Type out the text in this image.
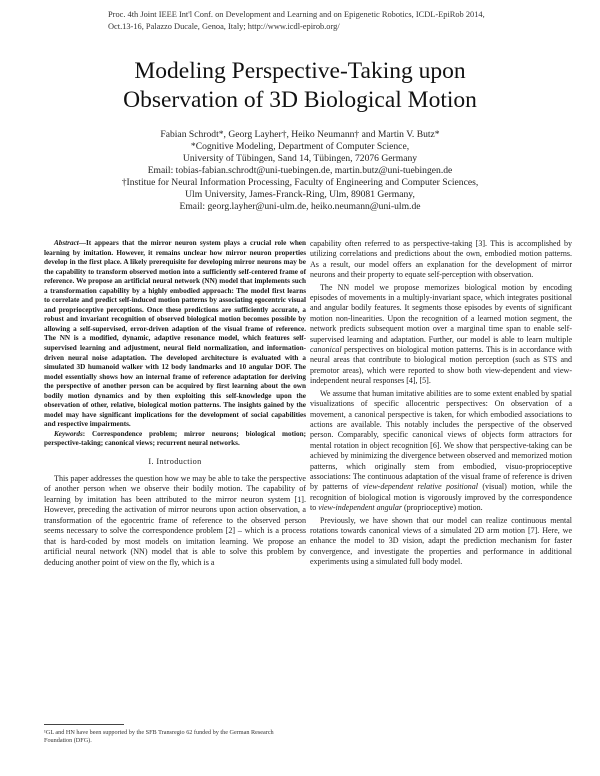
Proc. 4th Joint IEEE Int'l Conf. on Development and Learning and on Epigenetic Robotics, ICDL-EpiRob 2014,
Oct.13-16, Palazzo Ducale, Genoa, Italy; http://www.icdl-epirob.org/
Modeling Perspective-Taking upon
Observation of 3D Biological Motion
Fabian Schrodt*, Georg Layher†, Heiko Neumann† and Martin V. Butz*
*Cognitive Modeling, Department of Computer Science,
University of Tübingen, Sand 14, Tübingen, 72076 Germany
Email: tobias-fabian.schrodt@uni-tuebingen.de, martin.butz@uni-tuebingen.de
†Institue for Neural Information Processing, Faculty of Engineering and Computer Sciences,
Ulm University, James-Franck-Ring, Ulm, 89081 Germany,
Email: georg.layher@uni-ulm.de, heiko.neumann@uni-ulm.de

Abstract—It appears that the mirror neuron system plays a crucial role when learning by imitation. However, it remains unclear how mirror neuron properties develop in the first place. A likely prerequisite for developing mirror neurons may be the capability to transform observed motion into a sufficiently self-centered frame of reference. We propose an artificial neural network (NN) model that implements such a transformation capability by a highly embodied approach: The model first learns to correlate and predict self-induced motion patterns by associating egocentric visual and proprioceptive perceptions. Once these predictions are sufficiently accurate, a robust and invariant recognition of observed biological motion becomes possible by allowing a self-supervised, error-driven adaption of the visual frame of reference. The NN is a modified, dynamic, adaptive resonance model, which features self-supervised learning and adjustment, neural field normalization, and information-driven neural noise adaptation. The developed architecture is evaluated with a simulated 3D humanoid walker with 12 body landmarks and 10 angular DOF. The model essentially shows how an internal frame of reference adaptation for deriving the perspective of another person can be acquired by first learning about the own bodily motion dynamics and by then exploiting this self-knowledge upon the observation of other, relative, biological motion patterns. The insights gained by the model may have significant implications for the development of social capabilities and respective impairments.

Keywords: Correspondence problem; mirror neurons; biological motion; perspective-taking; canonical views; recurrent neural networks.

I. Introduction

This paper addresses the question how we may be able to take the perspective of another person when we observe their bodily motion. The capability of learning by imitation has been attributed to the mirror neuron system [1]. However, preceding the activation of mirror neurons upon action observation, a transformation of the egocentric frame of reference to the observed person seems necessary to solve the correspondence problem [2] – which is a process that is hard-coded by most models on imitation learning. We propose an artificial neural network (NN) model that is able to solve this problem by deducing another point of view on the fly, which is a

capability often referred to as perspective-taking [3]. This is accomplished by utilizing correlations and predictions about the own, embodied motion patterns. As a result, our model offers an explanation for the development of mirror neurons and their property to equate self-perception with observation.

The NN model we propose memorizes biological motion by encoding episodes of movements in a multiply-invariant space, which integrates positional and angular bodily features. It segments those episodes by events of significant motion non-linearities. Upon the recognition of a learned motion segment, the network predicts subsequent motion over a marginal time span to enable self-supervised learning and adaptation. Further, our model is able to learn multiple canonical perspectives on biological motion patterns. This is in accordance with neural areas that contribute to biological motion perception (such as STS and premotor areas), which were reported to show both view-dependent and view-independent neural responses [4], [5].

We assume that human imitative abilities are to some extent enabled by spatial visualizations of specific allocentric perspectives: On observation of a movement, a canonical perspective is taken, for which embodied associations to actions are available. This notably includes the perspective of the observed person. Comparably, specific canonical views of objects form attractors for mental rotation in object recognition [6]. We show that perspective-taking can be achieved by minimizing the divergence between observed and memorized motion patterns, which originally stem from embodied, visuo-proprioceptive associations: The continuous adaptation of the visual frame of reference is driven by patterns of view-dependent relative positional (visual) motion, while the recognition of biological motion is vigorously improved by the correspondence to view-independent angular (proprioceptive) motion.

Previously, we have shown that our model can realize continuous mental rotations towards canonical views of a simulated 2D arm motion [7]. Here, we enhance the model to 3D vision, adapt the prediction mechanism for faster convergence, and investigate the properties and performance in additional experiments using a simulated full body model.

¹GL and HN have been supported by the SFB Transregio 62 funded by the German Research Foundation (DFG).
